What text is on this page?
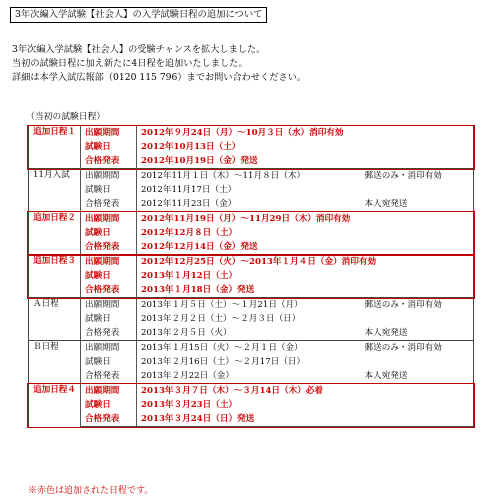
3年次編入学試験【社会人】の入学試験日程の追加について
3年次編入学試験【社会人】の受験チャンスを拡大しました。
当初の試験日程に加え新たに4日程を追加いたしました。
詳細は本学入試広報部（0120 115 796）までお問い合わせください。
（当初の試験日程）
追加日程１	出願期間	2012年９月24日（月）〜10月３日（水）消印有効	
	試験日	2012年10月13日（土）	
	合格発表	2012年10月19日（金）発送	
11月入試	出願期間	2012年11月１日（木）〜11月８日（木）	郵送のみ・消印有効
	試験日	2012年11月17日（土）	
	合格発表	2012年11月23日（金）	本人宛発送
追加日程２	出願期間	2012年11月19日（月）〜11月29日（木）消印有効	
	試験日	2012年12月８日（土）	
	合格発表	2012年12月14日（金）発送	
追加日程３	出願期間	2012年12月25日（火）〜2013年１月４日（金）消印有効	
	試験日	2013年１月12日（土）	
	合格発表	2013年１月18日（金）発送	
Ａ日程	出願期間	2013年１月５日（土）〜１月21日（月）	郵送のみ・消印有効
	試験日	2013年２月２日（土）〜２月３日（日）	
	合格発表	2013年２月５日（火）	本人宛発送
Ｂ日程	出願期間	2013年１月15日（火）〜２月１日（金）	郵送のみ・消印有効
	試験日	2013年２月16日（土）〜２月17日（日）	
	合格発表	2013年２月22日（金）	本人宛発送
追加日程４	出願期間	2013年３月７日（木）〜３月14日（木）必着	
	試験日	2013年３月23日（土）	
	合格発表	2013年３月24日（日）発送	
※赤色は追加された日程です。
